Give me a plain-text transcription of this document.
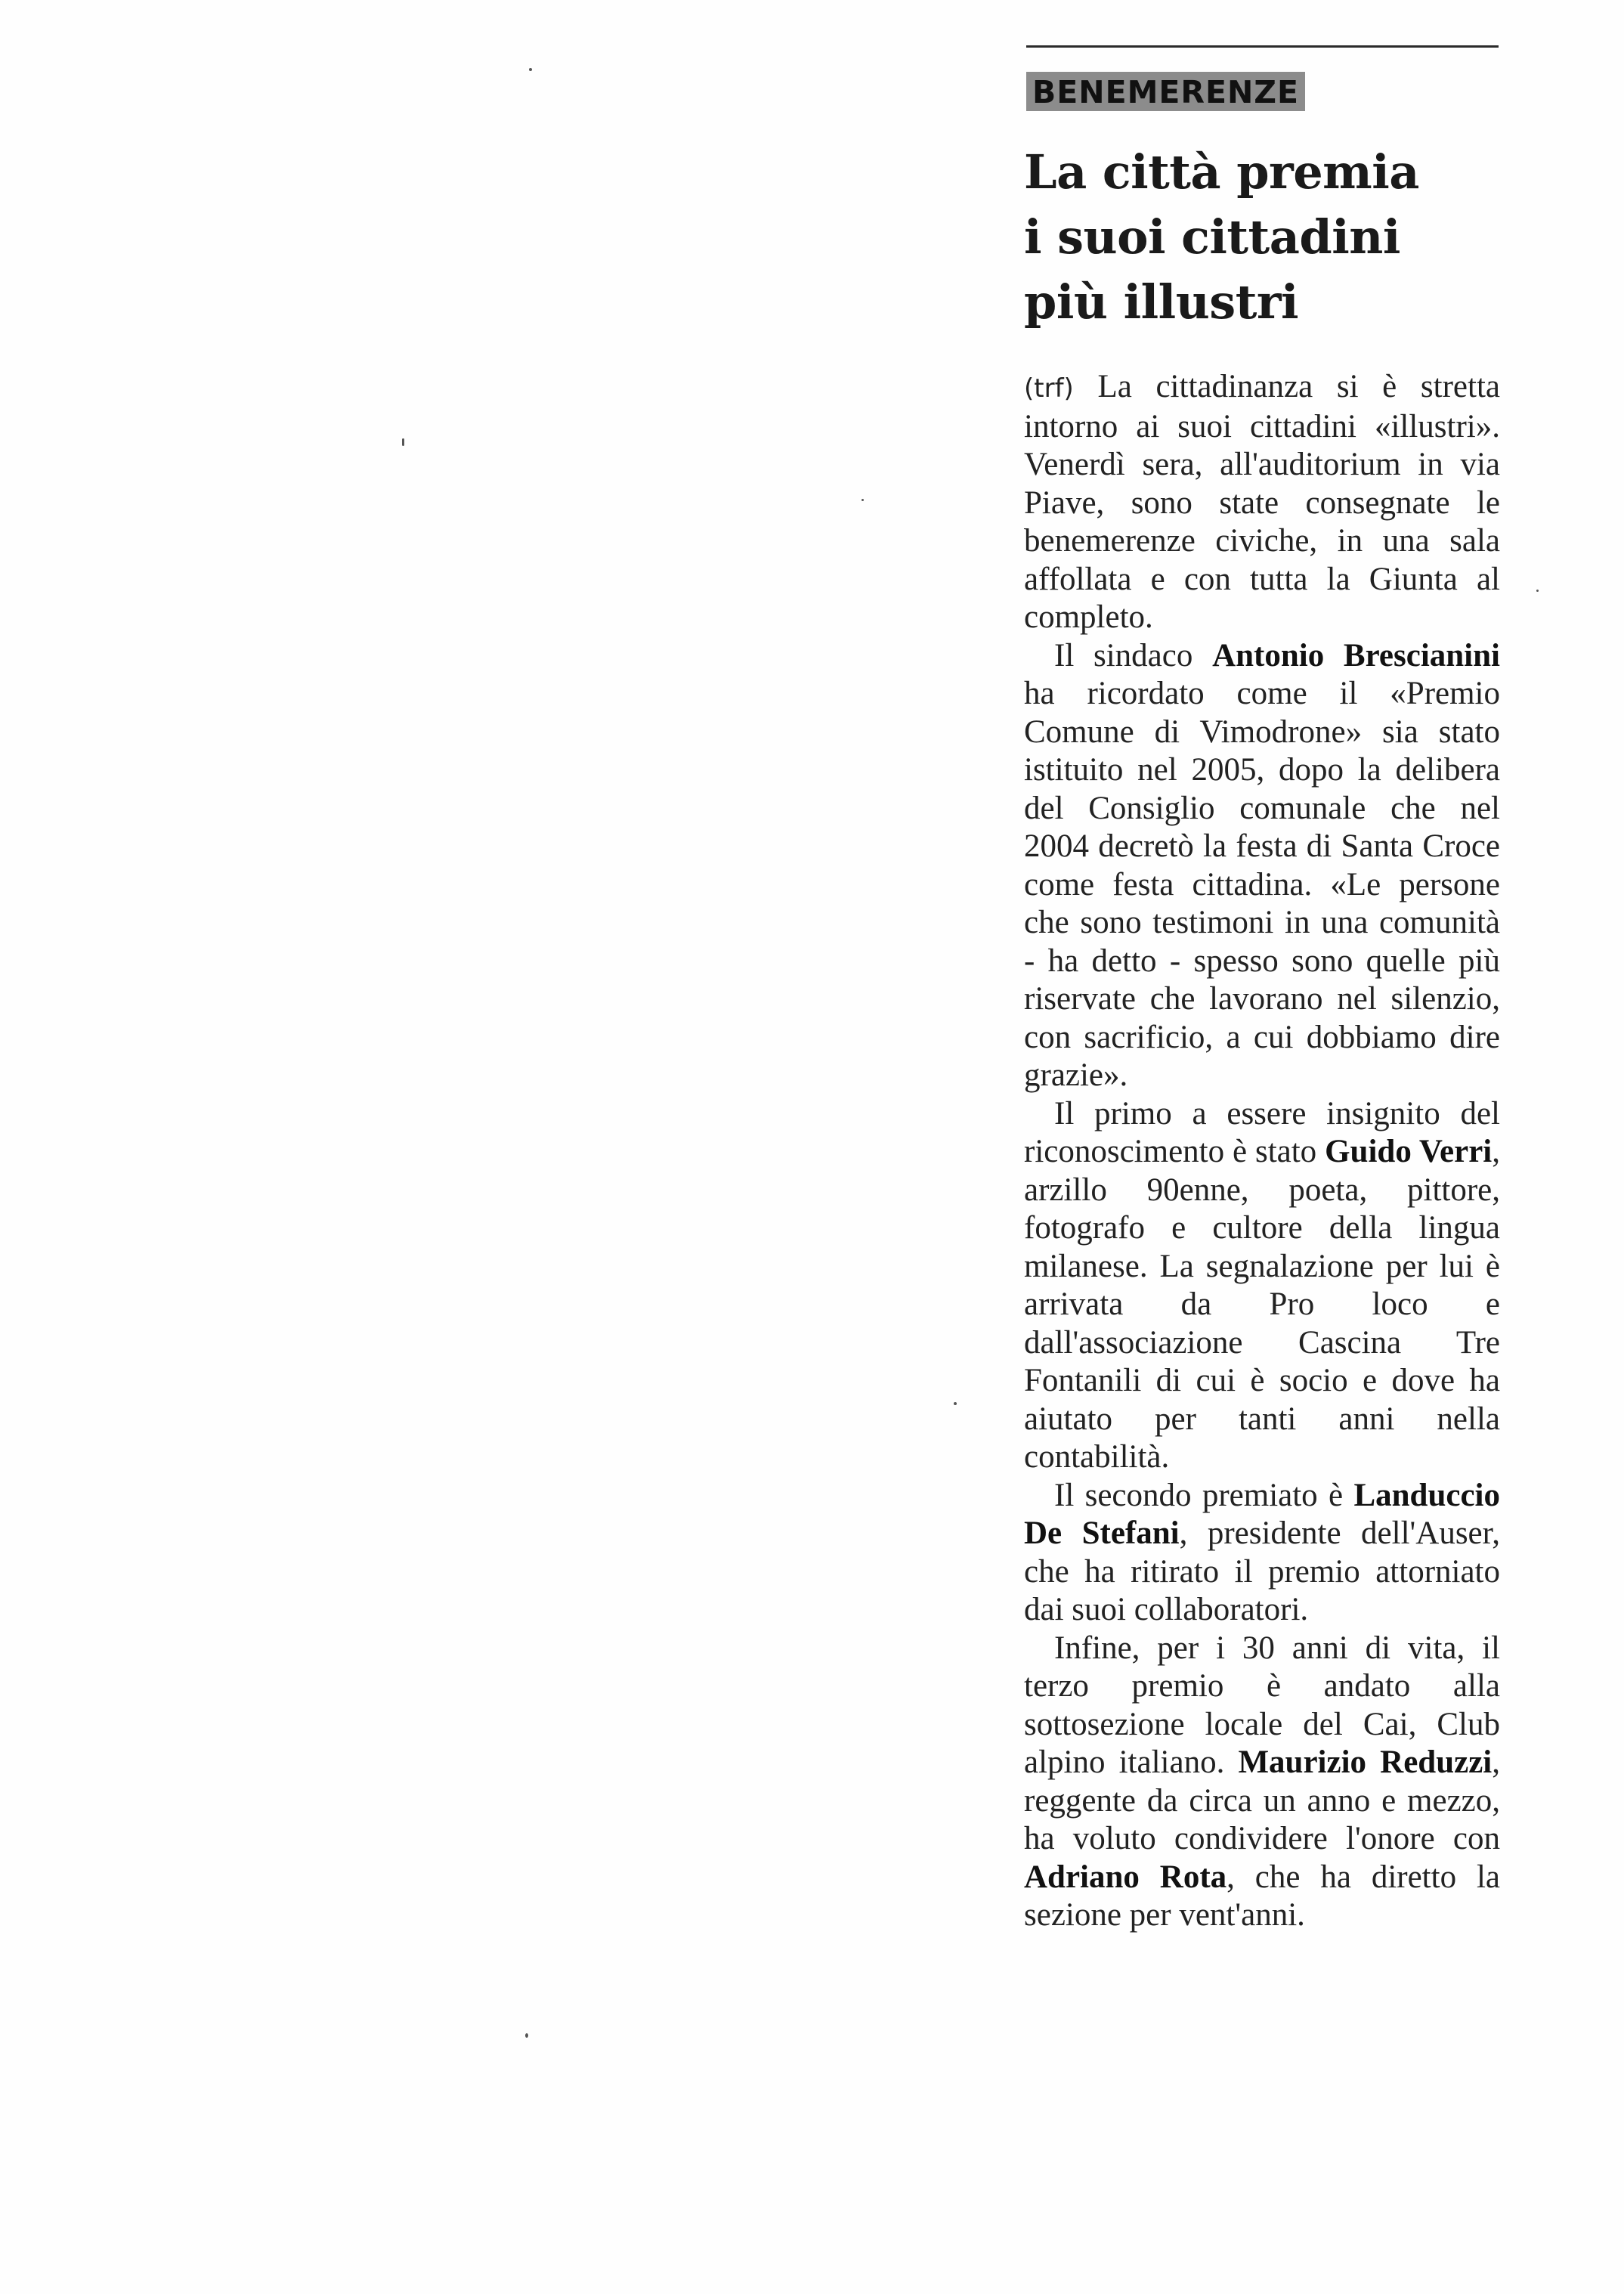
BENEMERENZE
La città premia
i suoi cittadini
più illustri

(trf) La cittadinanza si è stretta intorno ai suoi cittadini «illustri». Venerdì sera, all'auditorium in via Piave, sono state consegnate le benemerenze civiche, in una sala affollata e con tutta la Giunta al completo.

Il sindaco Antonio Brescianini ha ricordato come il «Premio Comune di Vimodrone» sia stato istituito nel 2005, dopo la delibera del Consiglio comunale che nel 2004 decretò la festa di Santa Croce come festa cittadina. «Le persone che sono testimoni in una comunità - ha detto - spesso sono quelle più riservate che lavorano nel silenzio, con sacrificio, a cui dobbiamo dire grazie».

Il primo a essere insignito del riconoscimento è stato Guido Verri, arzillo 90enne, poeta, pittore, fotografo e cultore della lingua milanese. La segnalazione per lui è arrivata da Pro loco e dall'associazione Cascina Tre Fontanili di cui è socio e dove ha aiutato per tanti anni nella contabilità.

Il secondo premiato è Landuccio De Stefani, presidente dell'Auser, che ha ritirato il premio attorniato dai suoi collaboratori.

Infine, per i 30 anni di vita, il terzo premio è andato alla sottosezione locale del Cai, Club alpino italiano. Maurizio Reduzzi, reggente da circa un anno e mezzo, ha voluto condividere l'onore con Adriano Rota, che ha diretto la sezione per vent'anni.
